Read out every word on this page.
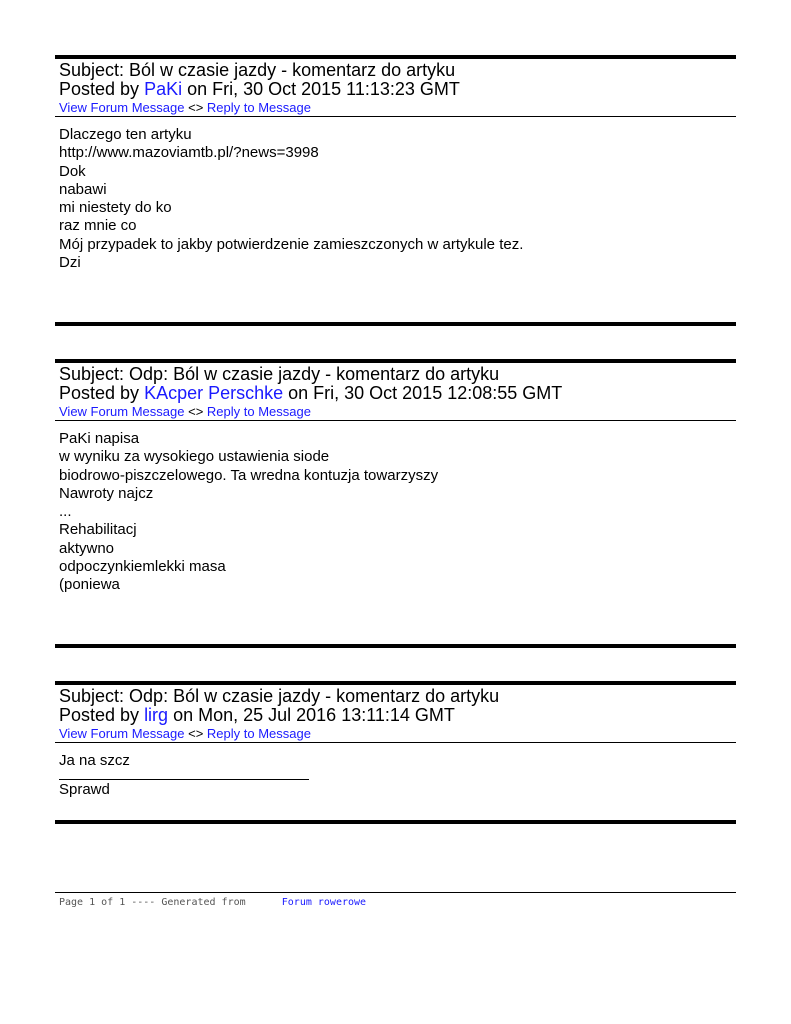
Subject: Ból w czasie jazdy - komentarz do artyku
Posted by PaKi on Fri, 30 Oct 2015 11:13:23 GMT
View Forum Message <> Reply to Message
Dlaczego ten artyku
http://www.mazoviamtb.pl/?news=3998
Dok
nabawi
mi niestety do ko
raz mnie co
Mój przypadek to jakby potwierdzenie zamieszczonych w artykule tez.
Dzi
Subject: Odp: Ból w czasie jazdy - komentarz do artyku
Posted by KAcper Perschke on Fri, 30 Oct 2015 12:08:55 GMT
View Forum Message <> Reply to Message
PaKi napisa
w wyniku za wysokiego ustawienia siode
biodrowo-piszczelowego. Ta wredna kontuzja towarzyszy
Nawroty najcz
...
Rehabilitacj
aktywno
odpoczynkiemlekki masa
(poniewa
Subject: Odp: Ból w czasie jazdy - komentarz do artyku
Posted by lirg on Mon, 25 Jul 2016 13:11:14 GMT
View Forum Message <> Reply to Message
Ja na szcz
Sprawd
Page 1 of 1 ---- Generated from      Forum rowerowe
